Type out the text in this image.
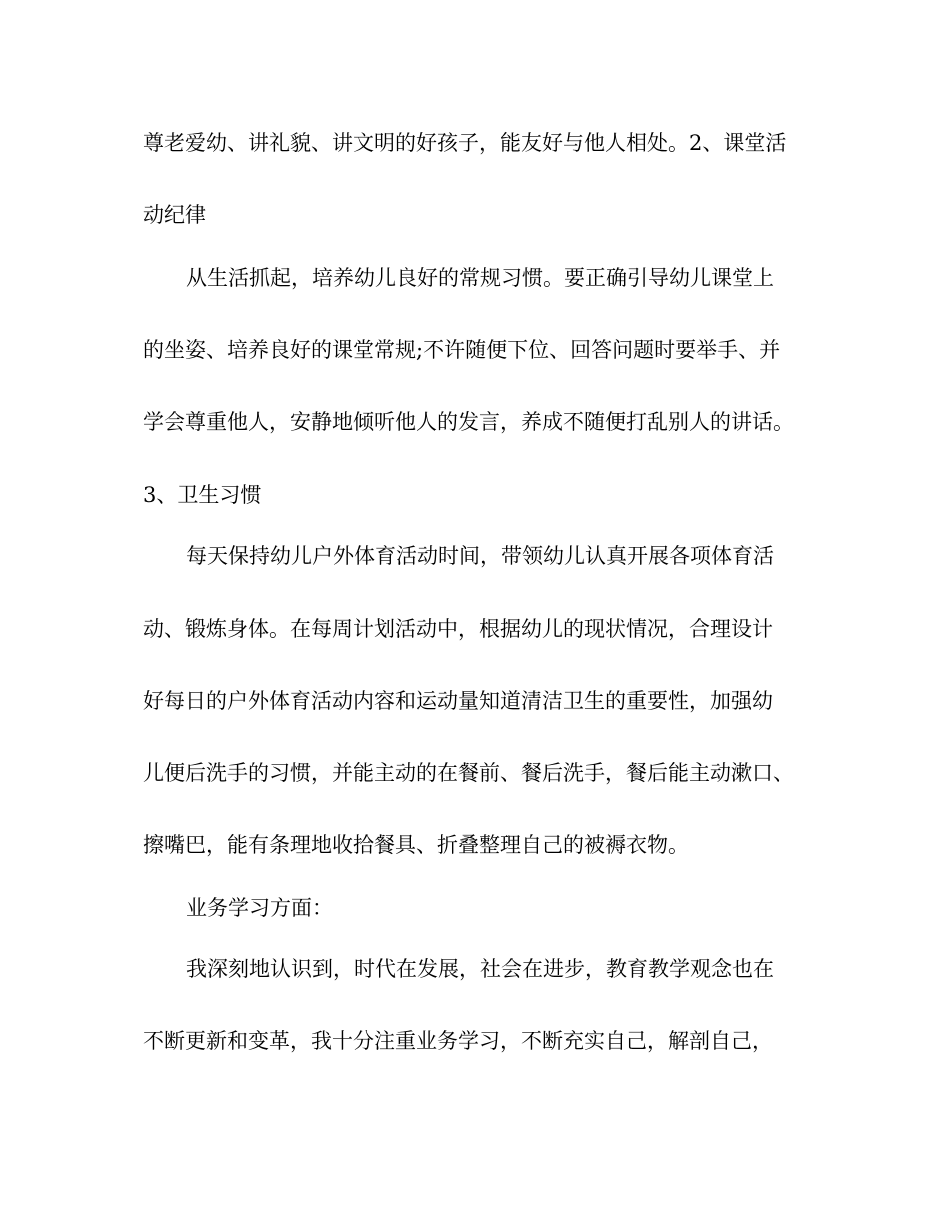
尊老爱幼、讲礼貌、讲文明的好孩子，能友好与他人相处。2、课堂活

动纪律

从生活抓起，培养幼儿良好的常规习惯。要正确引导幼儿课堂上

的坐姿、培养良好的课堂常规;不许随便下位、回答问题时要举手、并

学会尊重他人，安静地倾听他人的发言，养成不随便打乱别人的讲话。

3、卫生习惯

每天保持幼儿户外体育活动时间，带领幼儿认真开展各项体育活

动、锻炼身体。在每周计划活动中，根据幼儿的现状情况，合理设计

好每日的户外体育活动内容和运动量知道清洁卫生的重要性，加强幼

儿便后洗手的习惯，并能主动的在餐前、餐后洗手，餐后能主动漱口、

擦嘴巴，能有条理地收拾餐具、折叠整理自己的被褥衣物。

业务学习方面：

我深刻地认识到，时代在发展，社会在进步，教育教学观念也在

不断更新和变革，我十分注重业务学习，不断充实自己，解剖自己，
